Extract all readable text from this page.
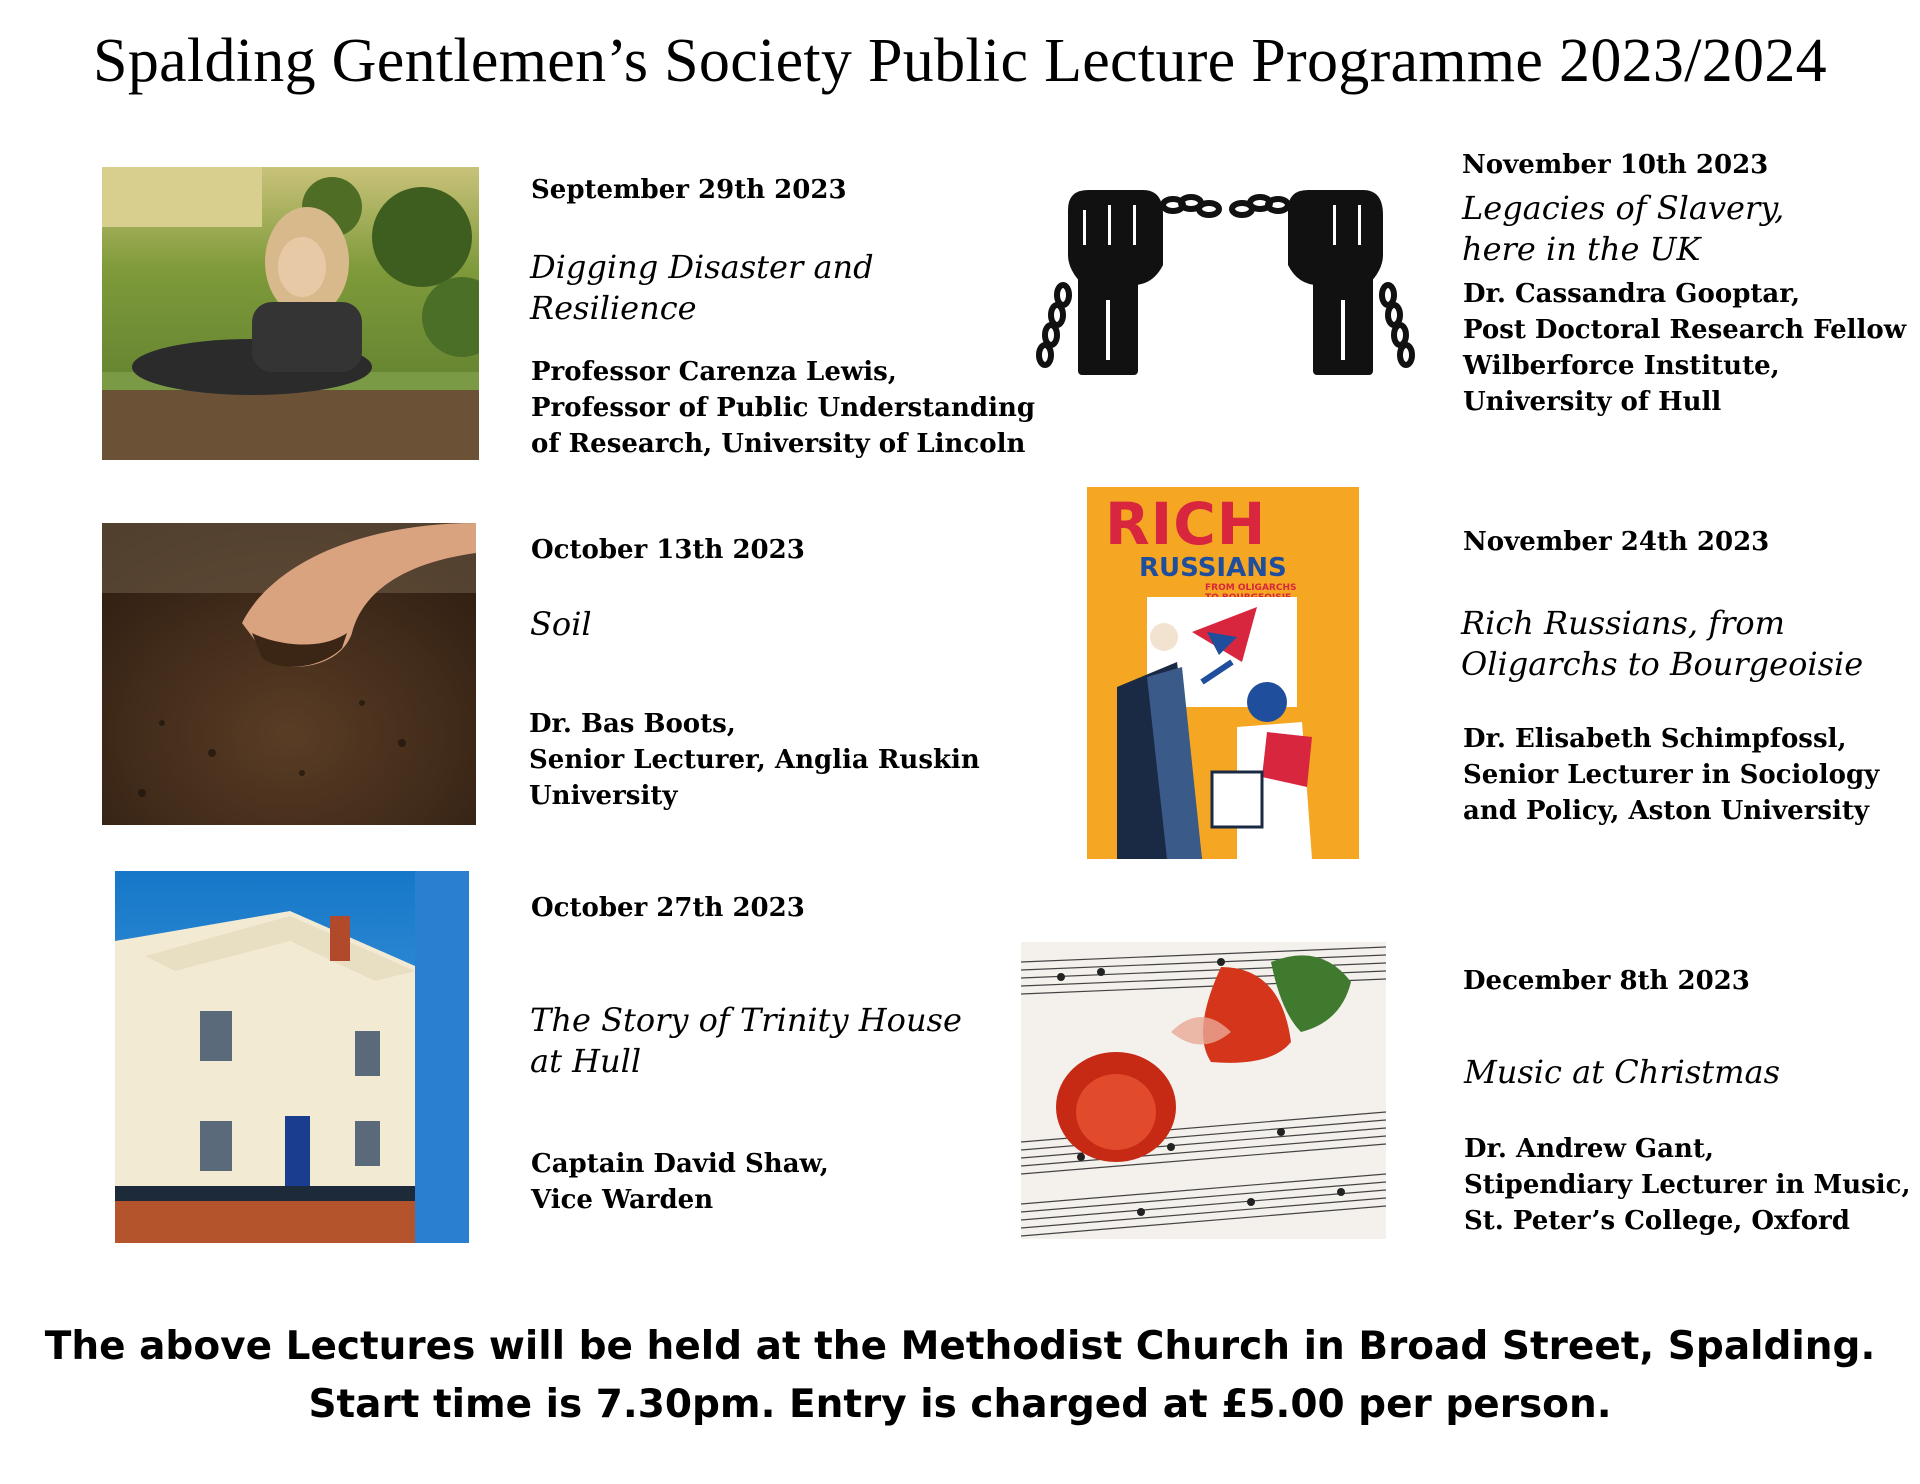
Spalding Gentlemen’s Society Public Lecture Programme 2023/2024
September 29th 2023
Digging Disaster and
Resilience
Professor Carenza Lewis,
Professor of Public Understanding
of Research, University of Lincoln
October 13th 2023
Soil
Dr. Bas Boots,
Senior Lecturer, Anglia Ruskin
University
October 27th 2023
The Story of Trinity House
at Hull
Captain David Shaw,
Vice Warden
November 10th 2023
Legacies of Slavery,
here in the UK
Dr. Cassandra Gooptar,
Post Doctoral Research Fellow
Wilberforce Institute,
University of Hull
RICH
RUSSIANS
FROM OLIGARCHS
November 24th 2023
Rich Russians, from
Oligarchs to Bourgeoisie
Dr. Elisabeth Schimpfossl,
Senior Lecturer in Sociology
and Policy, Aston University
December 8th 2023
Music at Christmas
Dr. Andrew Gant,
Stipendiary Lecturer in Music,
St. Peter’s College, Oxford
The above Lectures will be held at the Methodist Church in Broad Street, Spalding.
Start time is 7.30pm. Entry is charged at £5.00 per person.
